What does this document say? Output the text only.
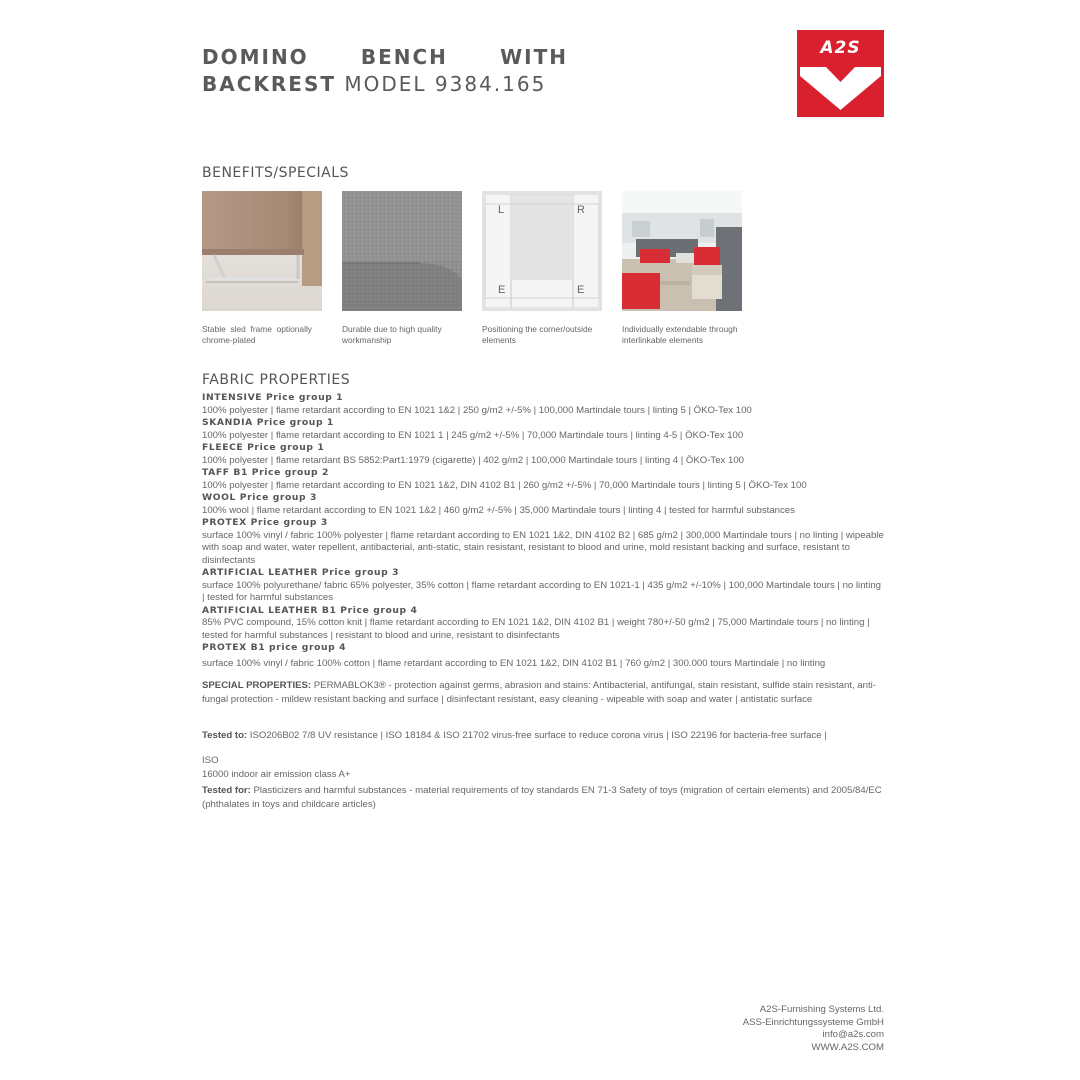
DOMINO	BENCH	WITH
BACKREST MODEL 9384.165
A2S
BENEFITS/SPECIALS
Stable sled frame optionally chrome-plated
Durable due to high quality workmanship
L	R
E	E
Positioning the corner/outside elements
Individually extendable through interlinkable elements
FABRIC PROPERTIES
INTENSIVE Price group 1
100% polyester | flame retardant according to EN 1021 1&2 | 250 g/m2 +/-5% | 100,000 Martindale tours | linting 5 | ÖKO-Tex 100
SKANDIA Price group 1
100% polyester | flame retardant according to EN 1021 1 | 245 g/m2 +/-5% | 70,000 Martindale tours | linting 4-5 | ÖKO-Tex 100
FLEECE Price group 1
100% polyester | flame retardant BS 5852:Part1:1979 (cigarette) | 402 g/m2 | 100,000 Martindale tours | linting 4 | ÖKO-Tex 100
TAFF B1 Price group 2
100% polyester | flame retardant according to EN 1021 1&2, DIN 4102 B1 | 260 g/m2 +/-5% | 70,000 Martindale tours | linting 5 | ÖKO-Tex 100
WOOL Price group 3
100% wool | flame retardant according to EN 1021 1&2 | 460 g/m2 +/-5% | 35,000 Martindale tours | linting 4 | tested for harmful substances
PROTEX Price group 3
surface 100% vinyl / fabric 100% polyester | flame retardant according to EN 1021 1&2, DIN 4102 B2 | 685 g/m2 | 300,000 Martindale tours | no linting | wipeable with soap and water, water repellent, antibacterial, anti-static, stain resistant, resistant to blood and urine, mold resistant backing and surface, resistant to disinfectants
ARTIFICIAL LEATHER Price group 3
surface 100% polyurethane/ fabric 65% polyester, 35% cotton | flame retardant according to EN 1021-1 | 435 g/m2 +/-10% | 100,000 Martindale tours | no linting | tested for harmful substances
ARTIFICIAL LEATHER B1 Price group 4
85% PVC compound, 15% cotton knit | flame retardant according to EN 1021 1&2, DIN 4102 B1 | weight 780+/-50 g/m2 | 75,000 Martindale tours | no linting | tested for harmful substances | resistant to blood and urine, resistant to disinfectants
PROTEX B1 price group 4
surface 100% vinyl / fabric 100% cotton | flame retardant according to EN 1021 1&2, DIN 4102 B1 | 760 g/m2 | 300.000 tours Martindale | no linting
SPECIAL PROPERTIES: PERMABLOK3® - protection against germs, abrasion and stains: Antibacterial, antifungal, stain resistant, sulfide stain resistant, anti-fungal protection - mildew resistant backing and surface | disinfectant resistant, easy cleaning - wipeable with soap and water | antistatic surface
Tested to: ISO206B02 7/8 UV resistance | ISO 18184 & ISO 21702 virus-free surface to reduce corona virus | ISO 22196 for bacteria-free surface |
ISO
16000 indoor air emission class A+
Tested for: Plasticizers and harmful substances - material requirements of toy standards EN 71-3 Safety of toys (migration of certain elements) and 2005/84/EC (phthalates in toys and childcare articles)
A2S-Furnishing Systems Ltd.
ASS-Einrichtungssysteme GmbH
info@a2s.com
WWW.A2S.COM
